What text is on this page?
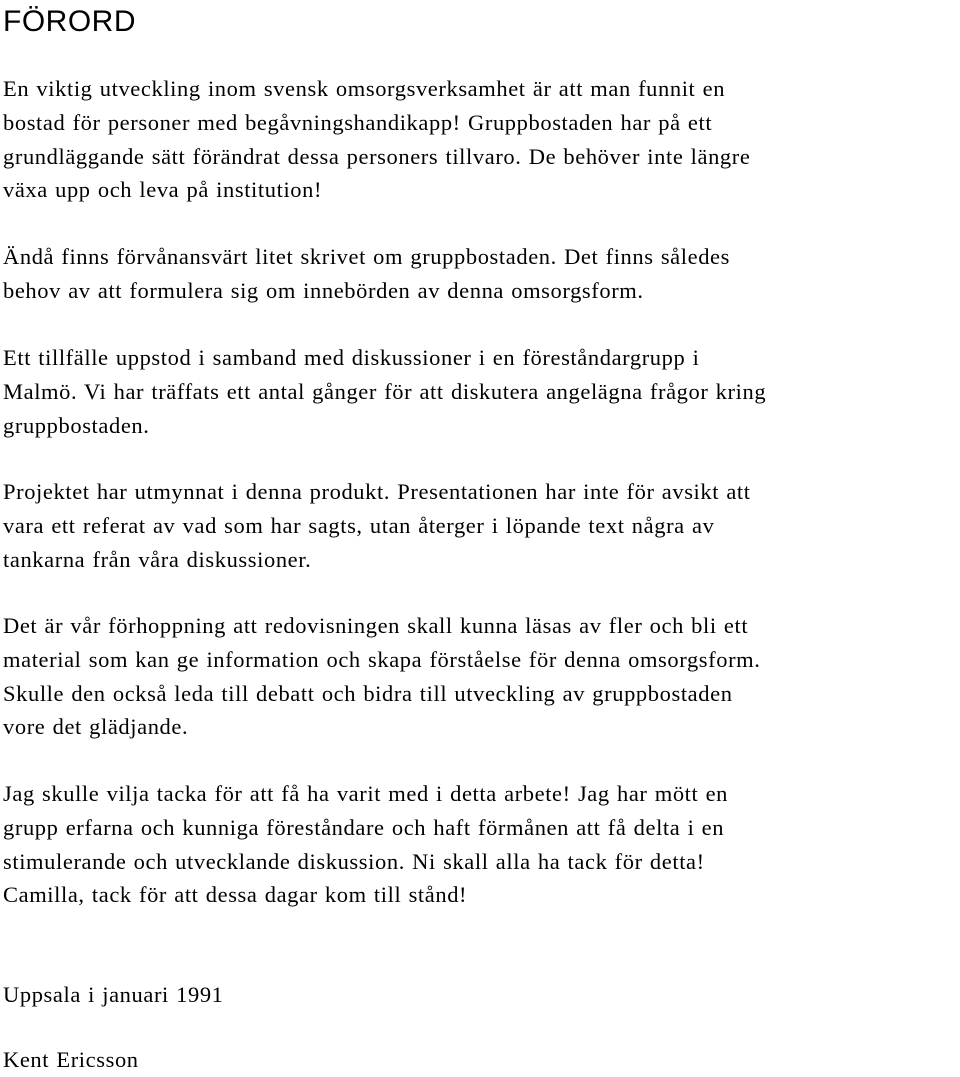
FÖRORD

En viktig utveckling inom svensk omsorgsverksamhet är att man funnit en
bostad för personer med begåvningshandikapp! Gruppbostaden har på ett
grundläggande sätt förändrat dessa personers tillvaro. De behöver inte längre
växa upp och leva på institution!

Ändå finns förvånansvärt litet skrivet om gruppbostaden. Det finns således
behov av att formulera sig om innebörden av denna omsorgsform.

Ett tillfälle uppstod i samband med diskussioner i en föreståndargrupp i
Malmö. Vi har träffats ett antal gånger för att diskutera angelägna frågor kring
gruppbostaden.

Projektet har utmynnat i denna produkt. Presentationen har inte för avsikt att
vara ett referat av vad som har sagts, utan återger i löpande text några av
tankarna från våra diskussioner.

Det är vår förhoppning att redovisningen skall kunna läsas av fler och bli ett
material som kan ge information och skapa förståelse för denna omsorgsform.
Skulle den också leda till debatt och bidra till utveckling av gruppbostaden
vore det glädjande.

Jag skulle vilja tacka för att få ha varit med i detta arbete! Jag har mött en
grupp erfarna och kunniga föreståndare och haft förmånen att få delta i en
stimulerande och utvecklande diskussion. Ni skall alla ha tack för detta!
Camilla, tack för att dessa dagar kom till stånd!

Uppsala i januari 1991

Kent Ericsson
